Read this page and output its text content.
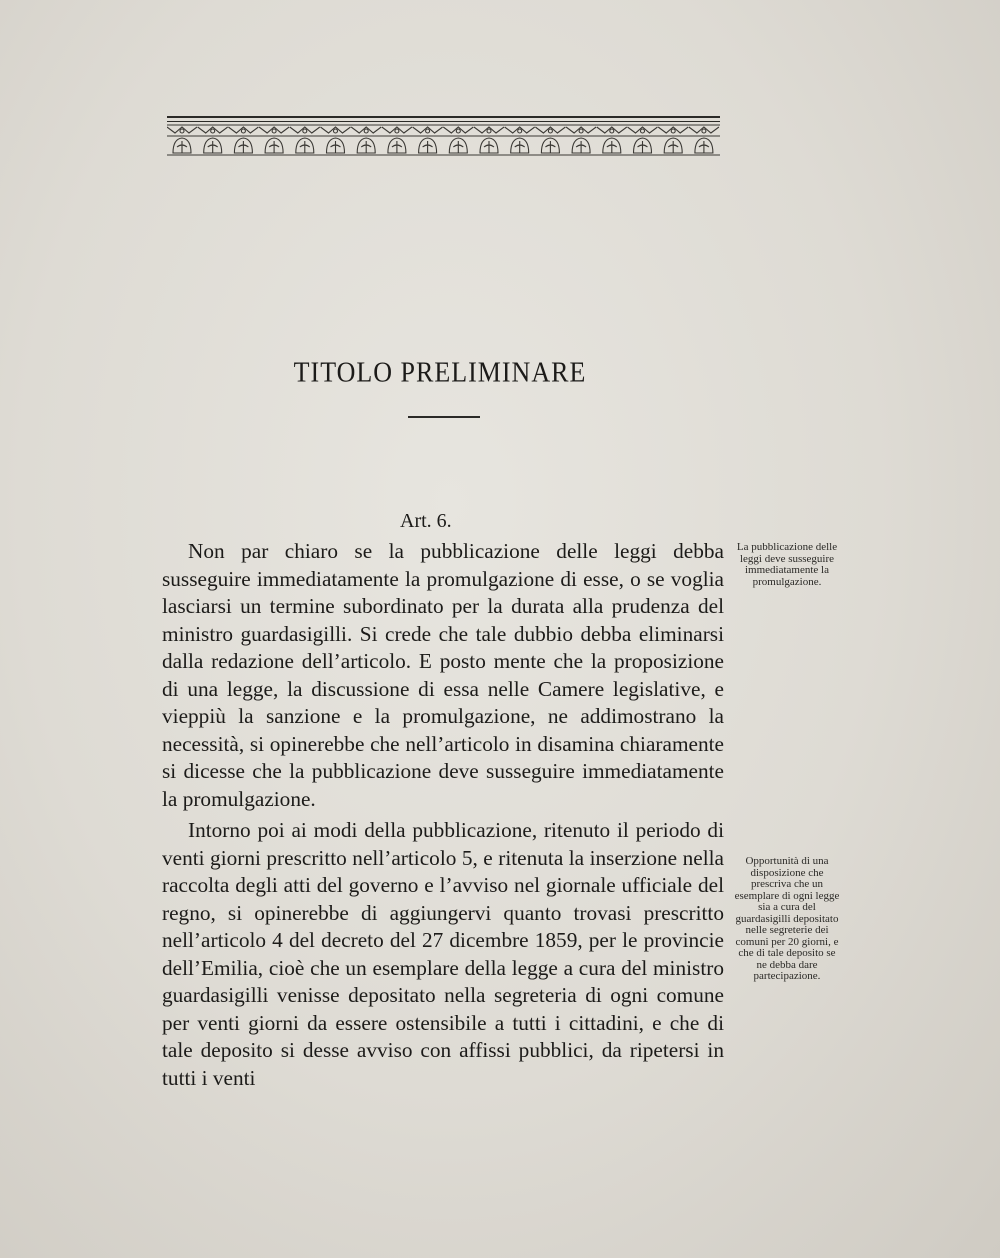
TITOLO PRELIMINARE
Art. 6.

Non par chiaro se la pubblicazione delle leggi debba susseguire immediatamente la promulgazione di esse, o se voglia lasciarsi un termine subordinato per la durata alla prudenza del ministro guardasigilli. Si crede che tale dubbio debba eliminarsi dalla redazione dell’articolo. E posto mente che la proposizione di una legge, la discussione di essa nelle Camere legislative, e vieppiù la sanzione e la promulgazione, ne addimostrano la necessità, si opinerebbe che nell’articolo in disamina chiaramente si dicesse che la pubblicazione deve susseguire immediatamente la promulgazione.

Intorno poi ai modi della pubblicazione, ritenuto il periodo di venti giorni prescritto nell’articolo 5, e ritenuta la inserzione nella raccolta degli atti del governo e l’avviso nel giornale ufficiale del regno, si opinerebbe di aggiungervi quanto trovasi prescritto nell’articolo 4 del decreto del 27 dicembre 1859, per le provincie dell’Emilia, cioè che un esemplare della legge a cura del ministro guardasigilli venisse depositato nella segreteria di ogni comune per venti giorni da essere ostensibile a tutti i cittadini, e che di tale deposito si desse avviso con affissi pubblici, da ripetersi in tutti i venti

La pubblicazione delle leggi deve susseguire immediatamente la promulgazione.
Opportunità di una disposizione che prescriva che un esemplare di ogni legge sia a cura del guardasigilli depositato nelle segreterie dei comuni per 20 giorni, e che di tale deposito se ne debba dare partecipazione.
